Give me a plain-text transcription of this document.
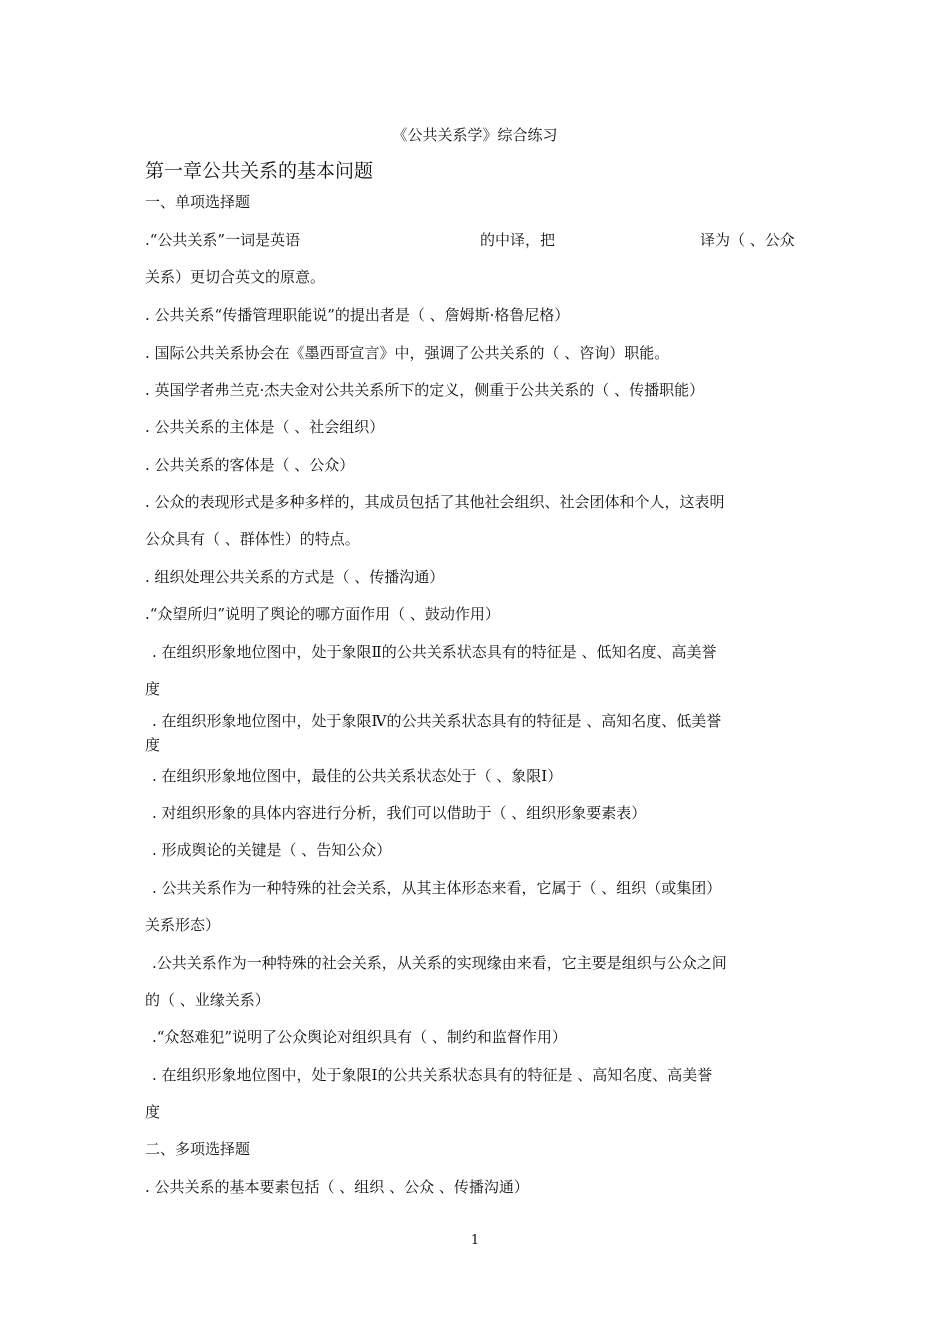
《公共关系学》综合练习
第一章公共关系的基本问题
一、单项选择题
.“公共关系”一词是英语	的中译，把	译为（ 、公众
关系）更切合英文的原意。
. 公共关系“传播管理职能说”的提出者是（ 、詹姆斯·格鲁尼格）
. 国际公共关系协会在《墨西哥宣言》中，强调了公共关系的（ 、咨询）职能。
. 英国学者弗兰克·杰夫金对公共关系所下的定义，侧重于公共关系的（ 、传播职能）
. 公共关系的主体是（ 、社会组织）
. 公共关系的客体是（ 、公众）
. 公众的表现形式是多种多样的，其成员包括了其他社会组织、社会团体和个人，这表明
公众具有（ 、群体性）的特点。
. 组织处理公共关系的方式是（ 、传播沟通）
.“众望所归”说明了舆论的哪方面作用（ 、鼓动作用）
. 在组织形象地位图中，处于象限Ⅱ的公共关系状态具有的特征是 、低知名度、高美誉
度
. 在组织形象地位图中，处于象限Ⅳ的公共关系状态具有的特征是 、高知名度、低美誉
度
. 在组织形象地位图中，最佳的公共关系状态处于（ 、象限Ⅰ）
. 对组织形象的具体内容进行分析，我们可以借助于（ 、组织形象要素表）
. 形成舆论的关键是（ 、告知公众）
. 公共关系作为一种特殊的社会关系，从其主体形态来看，它属于（ 、组织（或集团）
关系形态）
.公共关系作为一种特殊的社会关系，从关系的实现缘由来看，它主要是组织与公众之间
的（ 、业缘关系）
.“众怒难犯”说明了公众舆论对组织具有（ 、制约和监督作用）
. 在组织形象地位图中，处于象限Ⅰ的公共关系状态具有的特征是 、高知名度、高美誉
度
二、多项选择题
. 公共关系的基本要素包括（ 、组织 、公众 、传播沟通）
1
